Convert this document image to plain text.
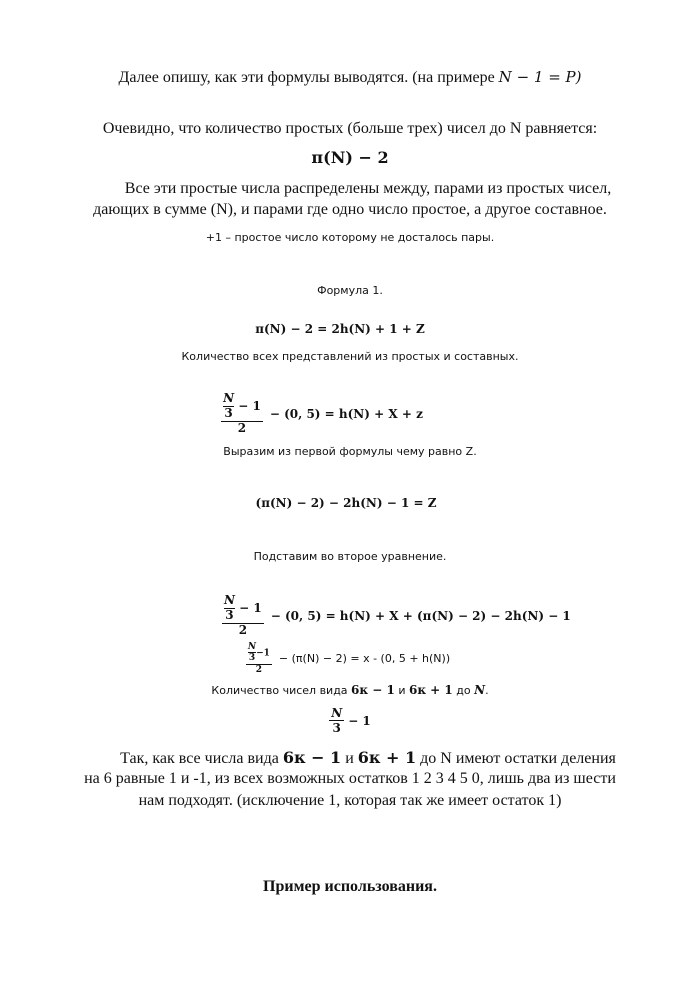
Далее опишу, как эти формулы выводятся. (на примере N − 1 = P)
Очевидно, что количество простых (больше трех) чисел до N равняется:
π(N) − 2
Все эти простые числа распределены между, парами из простых чисел,
дающих в сумме (N), и парами где одно число простое, а другое составное.
+1 – простое число которому не досталось пары.
Формула 1.
π(N) − 2 = 2h(N) + 1 + Z
Количество всех представлений из простых и составных.
$\frac{\frac{N}{3} - 1}{2} - (0$, 5) = h(N) + X + z
Выразим из первой формулы чему равно Z.
(π(N) − 2) − 2h(N) − 1 = Z
Подставим во второе уравнение.
$\frac{\frac{N}{3} - 1}{2} - (0$, 5) = h(N) + X + (π(N) − 2) − 2h(N) − 1
$\frac{\frac{N}{3} -1}{2} - (\pi(N) - 2) = x - (0$, 5 + h(N))
Количество чисел вида 6к − 1 и 6к + 1 до N.
N
3
− 1
Так, как все числа вида 6к − 1 и 6к + 1 до N имеют остатки деления
на 6 равные 1 и -1, из всех возможных остатков 1 2 3 4 5 0, лишь два из шести
нам подходят. (исключение 1, которая так же имеет остаток 1)
Пример использования.
